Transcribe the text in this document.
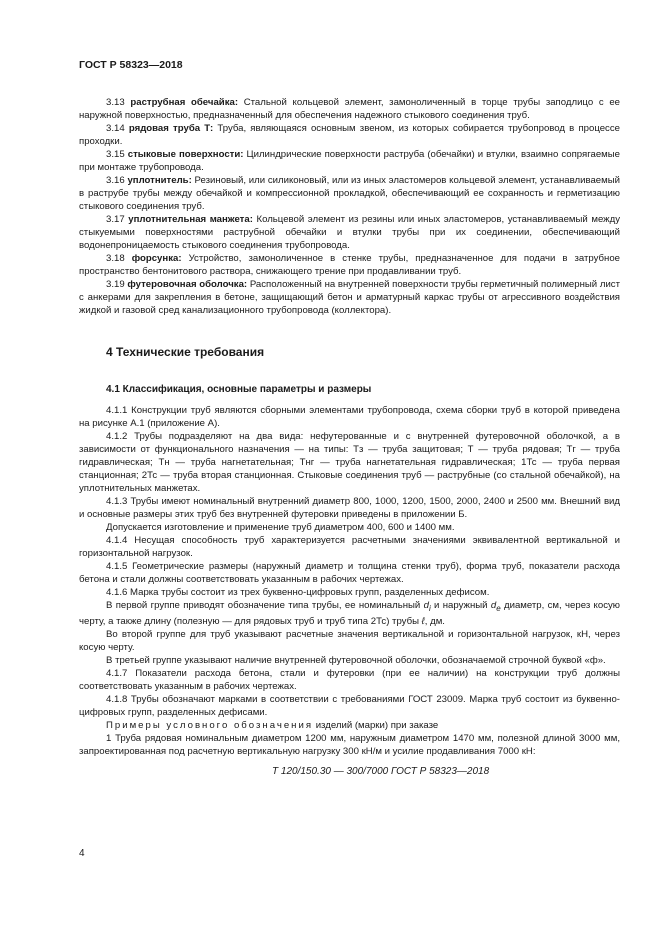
ГОСТ Р 58323—2018

3.13 раструбная обечайка: Стальной кольцевой элемент, замоноличенный в торце трубы заподлицо с ее наружной поверхностью, предназначенный для обеспечения надежного стыкового соединения труб.

3.14 рядовая труба Т: Труба, являющаяся основным звеном, из которых собирается трубопровод в процессе проходки.

3.15 стыковые поверхности: Цилиндрические поверхности раструба (обечайки) и втулки, взаимно сопрягаемые при монтаже трубопровода.

3.16 уплотнитель: Резиновый, или силиконовый, или из иных эластомеров кольцевой элемент, устанавливаемый в раструбе трубы между обечайкой и компрессионной прокладкой, обеспечивающий ее сохранность и герметизацию стыкового соединения труб.

3.17 уплотнительная манжета: Кольцевой элемент из резины или иных эластомеров, устанавливаемый между стыкуемыми поверхностями раструбной обечайки и втулки трубы при их соединении, обеспечивающий водонепроницаемость стыкового соединения трубопровода.

3.18 форсунка: Устройство, замоноличенное в стенке трубы, предназначенное для подачи в затрубное пространство бентонитового раствора, снижающего трение при продавливании труб.

3.19 футеровочная оболочка: Расположенный на внутренней поверхности трубы герметичный полимерный лист с анкерами для закрепления в бетоне, защищающий бетон и арматурный каркас трубы от агрессивного воздействия жидкой и газовой сред канализационного трубопровода (коллектора).

4 Технические требования
4.1 Классификация, основные параметры и размеры

4.1.1 Конструкции труб являются сборными элементами трубопровода, схема сборки труб в которой приведена на рисунке А.1 (приложение А).

4.1.2 Трубы подразделяют на два вида: нефутерованные и с внутренней футеровочной оболочкой, а в зависимости от функционального назначения — на типы: Тз — труба защитовая; Т — труба рядовая; Тг — труба гидравлическая; Тн — труба нагнетательная; Тнг — труба нагнетательная гидравлическая; 1Тс — труба первая станционная; 2Тс — труба вторая станционная. Стыковые соединения труб — раструбные (со стальной обечайкой), на уплотнительных манжетах.

4.1.3 Трубы имеют номинальный внутренний диаметр 800, 1000, 1200, 1500, 2000, 2400 и 2500 мм. Внешний вид и основные размеры этих труб без внутренней футеровки приведены в приложении Б.

Допускается изготовление и применение труб диаметром 400, 600 и 1400 мм.

4.1.4 Несущая способность труб характеризуется расчетными значениями эквивалентной вертикальной и горизонтальной нагрузок.

4.1.5 Геометрические размеры (наружный диаметр и толщина стенки труб), форма труб, показатели расхода бетона и стали должны соответствовать указанным в рабочих чертежах.

4.1.6 Марка трубы состоит из трех буквенно-цифровых групп, разделенных дефисом.

В первой группе приводят обозначение типа трубы, ее номинальный $d_i$ и наружный $d_e$ диаметр, см, через косую черту, а также длину (полезную — для рядовых труб и труб типа 2Тс) трубы ℓ, дм.

Во второй группе для труб указывают расчетные значения вертикальной и горизонтальной нагрузок, кН, через косую черту.

В третьей группе указывают наличие внутренней футеровочной оболочки, обозначаемой строчной буквой «ф».

4.1.7 Показатели расхода бетона, стали и футеровки (при ее наличии) на конструкции труб должны соответствовать указанным в рабочих чертежах.

4.1.8 Трубы обозначают марками в соответствии с требованиями ГОСТ 23009. Марка труб состоит из буквенно-цифровых групп, разделенных дефисами.

Примеры условного обозначения изделий (марки) при заказе

1 Труба рядовая номинальным диаметром 1200 мм, наружным диаметром 1470 мм, полезной длиной 3000 мм, запроектированная под расчетную вертикальную нагрузку 300 кН/м и усилие продавливания 7000 кН:

Т 120/150.30 — 300/7000 ГОСТ Р 58323—2018
4
